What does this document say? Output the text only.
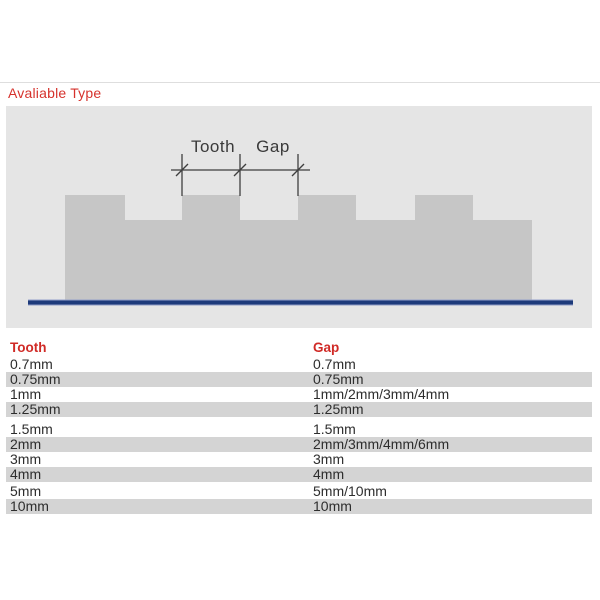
Avaliable Type
Tooth Gap
Tooth	Gap
0.7mm	0.7mm
0.75mm	0.75mm
1mm	1mm/2mm/3mm/4mm
1.25mm	1.25mm
1.5mm	1.5mm
2mm	2mm/3mm/4mm/6mm
3mm	3mm
4mm	4mm
5mm	5mm/10mm
10mm	10mm
